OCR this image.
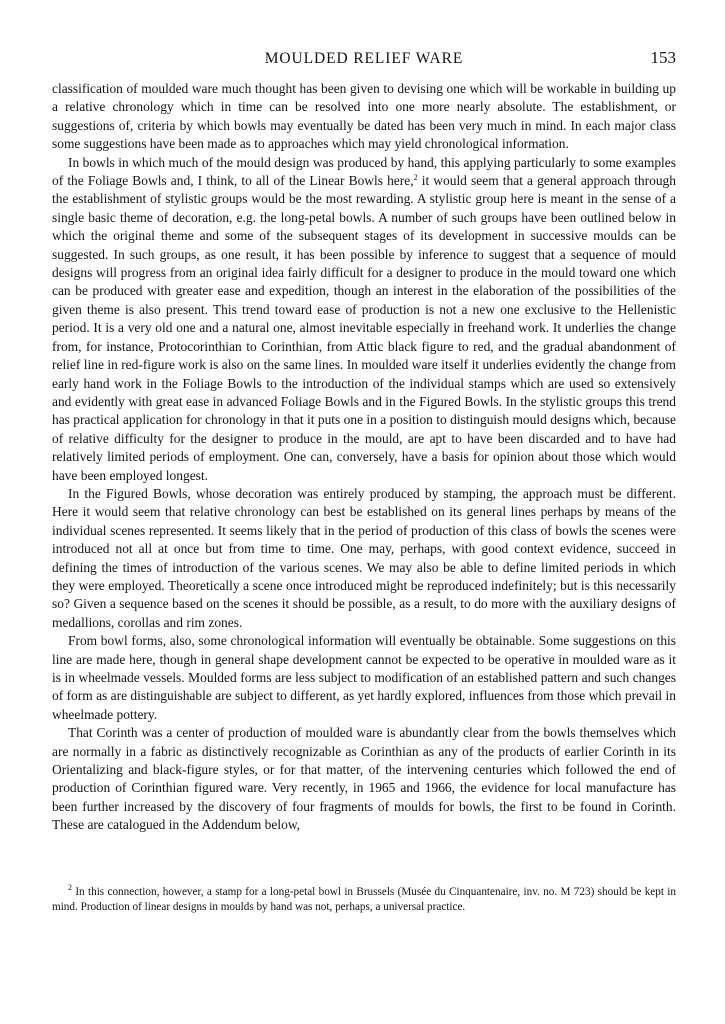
MOULDED RELIEF WARE	153

classification of moulded ware much thought has been given to devising one which will be workable in building up a relative chronology which in time can be resolved into one more nearly absolute. The establishment, or suggestions of, criteria by which bowls may eventually be dated has been very much in mind. In each major class some suggestions have been made as to approaches which may yield chronological information.

In bowls in which much of the mould design was produced by hand, this applying particularly to some examples of the Foliage Bowls and, I think, to all of the Linear Bowls here,$^2$ it would seem that a general approach through the establishment of stylistic groups would be the most rewarding. A stylistic group here is meant in the sense of a single basic theme of decoration, e.g. the long-petal bowls. A number of such groups have been outlined below in which the original theme and some of the subsequent stages of its development in successive moulds can be suggested. In such groups, as one result, it has been possible by inference to suggest that a sequence of mould designs will progress from an original idea fairly difficult for a designer to produce in the mould toward one which can be produced with greater ease and expedition, though an interest in the elaboration of the possibilities of the given theme is also present. This trend toward ease of production is not a new one exclusive to the Hellenistic period. It is a very old one and a natural one, almost inevitable especially in freehand work. It underlies the change from, for instance, Protocorinthian to Corinthian, from Attic black figure to red, and the gradual abandonment of relief line in red-figure work is also on the same lines. In moulded ware itself it underlies evidently the change from early hand work in the Foliage Bowls to the introduction of the individual stamps which are used so extensively and evidently with great ease in advanced Foliage Bowls and in the Figured Bowls. In the stylistic groups this trend has practical application for chronology in that it puts one in a position to distinguish mould designs which, because of relative difficulty for the designer to produce in the mould, are apt to have been discarded and to have had relatively limited periods of employment. One can, conversely, have a basis for opinion about those which would have been employed longest.

In the Figured Bowls, whose decoration was entirely produced by stamping, the approach must be different. Here it would seem that relative chronology can best be established on its general lines perhaps by means of the individual scenes represented. It seems likely that in the period of production of this class of bowls the scenes were introduced not all at once but from time to time. One may, perhaps, with good context evidence, succeed in defining the times of introduction of the various scenes. We may also be able to define limited periods in which they were employed. Theoretically a scene once introduced might be reproduced indefinitely; but is this necessarily so? Given a sequence based on the scenes it should be possible, as a result, to do more with the auxiliary designs of medallions, corollas and rim zones.

From bowl forms, also, some chronological information will eventually be obtainable. Some suggestions on this line are made here, though in general shape development cannot be expected to be operative in moulded ware as it is in wheelmade vessels. Moulded forms are less subject to modification of an established pattern and such changes of form as are distinguishable are subject to different, as yet hardly explored, influences from those which prevail in wheelmade pottery.

That Corinth was a center of production of moulded ware is abundantly clear from the bowls themselves which are normally in a fabric as distinctively recognizable as Corinthian as any of the products of earlier Corinth in its Orientalizing and black-figure styles, or for that matter, of the intervening centuries which followed the end of production of Corinthian figured ware. Very recently, in 1965 and 1966, the evidence for local manufacture has been further increased by the discovery of four fragments of moulds for bowls, the first to be found in Corinth. These are catalogued in the Addendum below,

$^2$ In this connection, however, a stamp for a long-petal bowl in Brussels (Musée du Cinquantenaire, inv. no. M 723) should be kept in mind. Production of linear designs in moulds by hand was not, perhaps, a universal practice.
